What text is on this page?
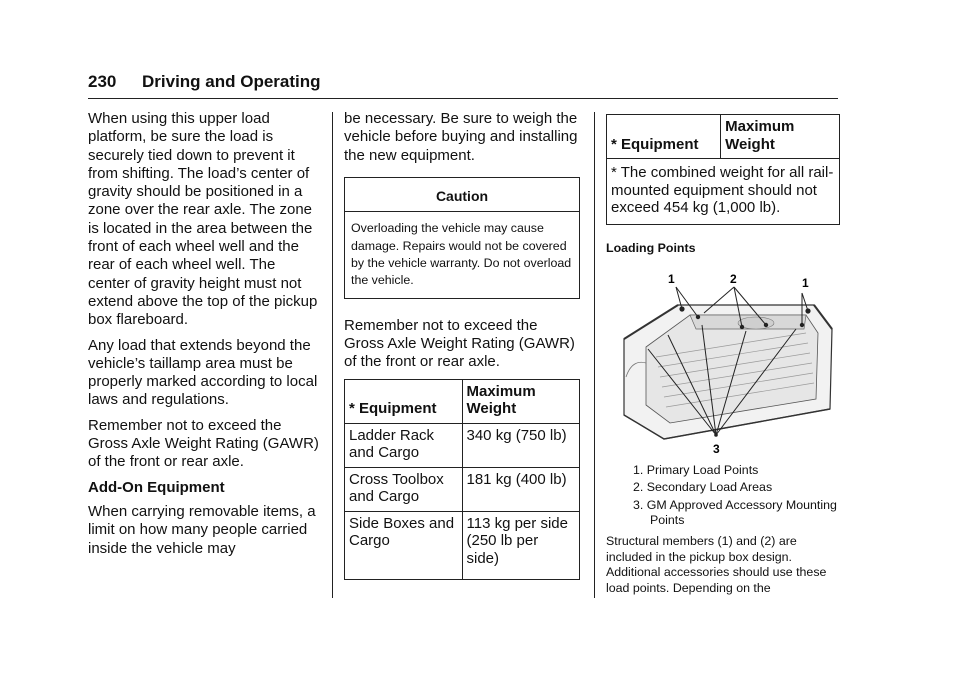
230 Driving and Operating

When using this upper load platform, be sure the load is securely tied down to prevent it from shifting. The load’s center of gravity should be positioned in a zone over the rear axle. The zone is located in the area between the front of each wheel well and the rear of each wheel well. The center of gravity height must not extend above the top of the pickup box flareboard.

Any load that extends beyond the vehicle’s taillamp area must be properly marked according to local laws and regulations.

Remember not to exceed the Gross Axle Weight Rating (GAWR) of the front or rear axle.

Add-On Equipment

When carrying removable items, a limit on how many people carried inside the vehicle may

be necessary. Be sure to weigh the vehicle before buying and installing the new equipment.

Caution
Overloading the vehicle may cause damage. Repairs would not be covered by the vehicle warranty. Do not overload the vehicle.

Remember not to exceed the Gross Axle Weight Rating (GAWR) of the front or rear axle.

* Equipment	Maximum Weight
Ladder Rack and Cargo	340 kg (750 lb)
Cross Toolbox and Cargo	181 kg (400 lb)
Side Boxes and Cargo	113 kg per side (250 lb per side)
* Equipment	Maximum Weight
* The combined weight for all rail-mounted equipment should not exceed 454 kg (1,000 lb).
Loading Points
1	2	1
3
1. Primary Load Points
2. Secondary Load Areas
3. GM Approved Accessory Mounting Points
Structural members (1) and (2) are included in the pickup box design. Additional accessories should use these load points. Depending on the
